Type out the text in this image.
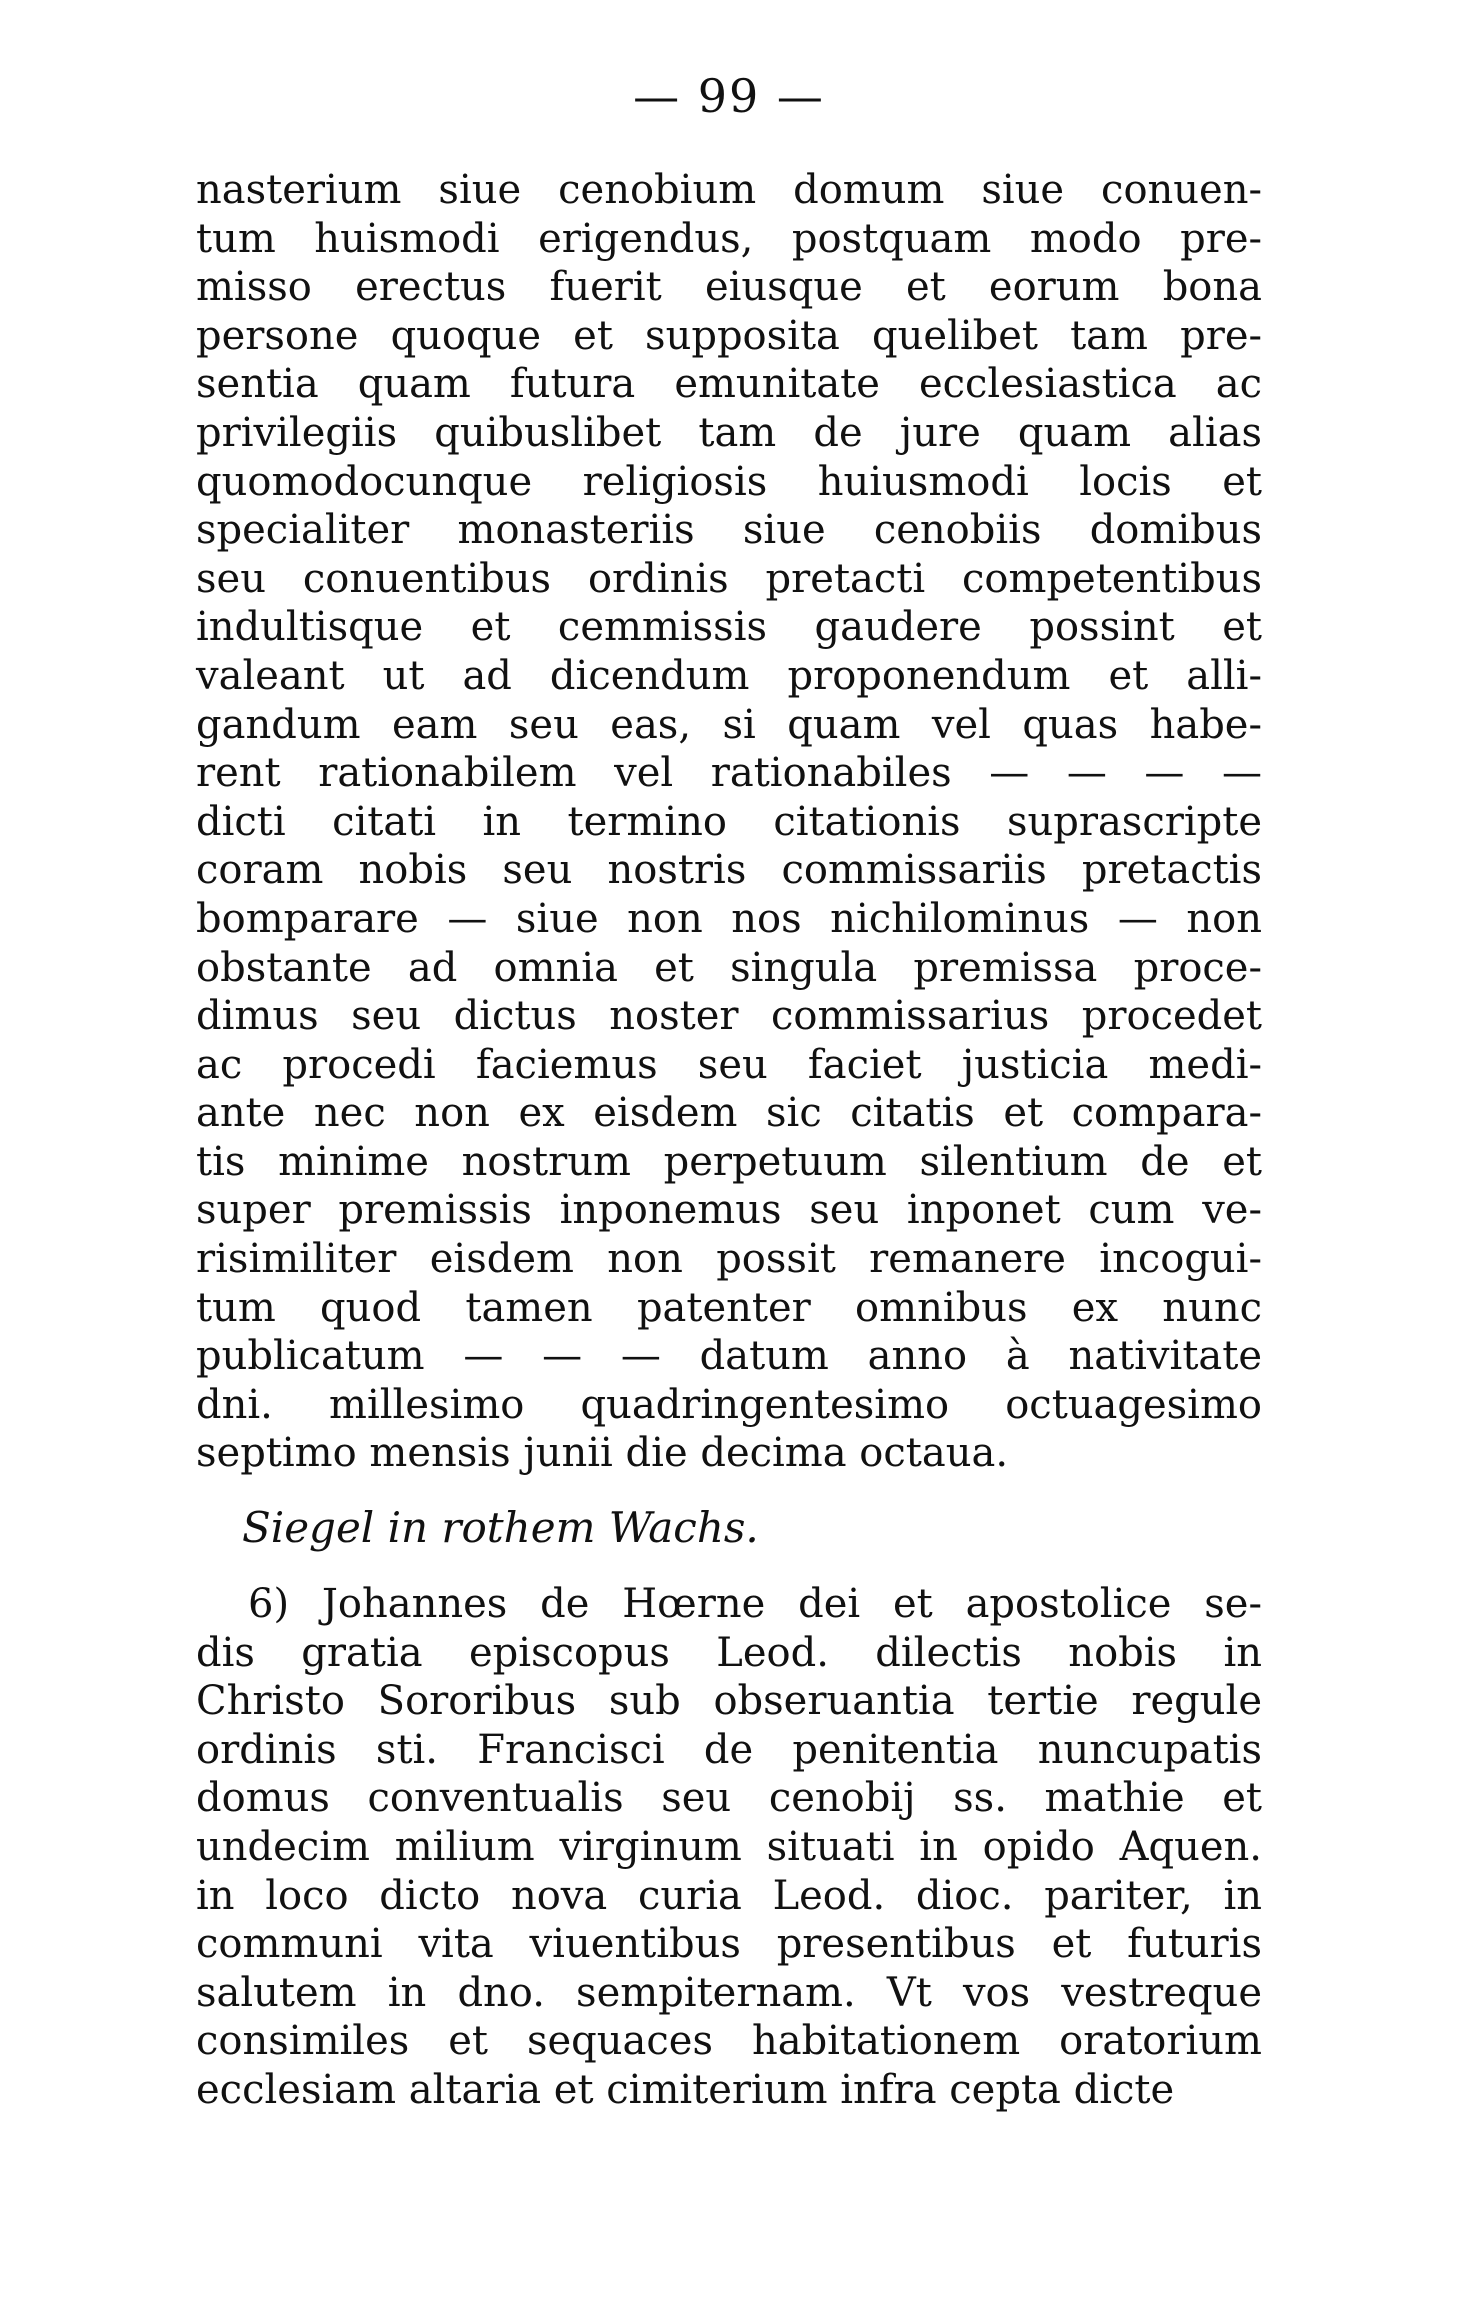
— 99 —
nasterium siue cenobium domum siue conuen-
tum huismodi erigendus, postquam modo pre-
misso erectus fuerit eiusque et eorum bona
persone quoque et supposita quelibet tam pre-
sentia quam futura emunitate ecclesiastica ac
privilegiis quibuslibet tam de jure quam alias
quomodocunque religiosis huiusmodi locis et
specialiter monasteriis siue cenobiis domibus
seu conuentibus ordinis pretacti competentibus
indultisque et cemmissis gaudere possint et
valeant ut ad dicendum proponendum et alli-
gandum eam seu eas, si quam vel quas habe-
rent rationabilem vel rationabiles — — — —
dicti citati in termino citationis suprascripte
coram nobis seu nostris commissariis pretactis
bomparare — siue non nos nichilominus — non
obstante ad omnia et singula premissa proce-
dimus seu dictus noster commissarius procedet
ac procedi faciemus seu faciet justicia medi-
ante nec non ex eisdem sic citatis et compara-
tis minime nostrum perpetuum silentium de et
super premissis inponemus seu inponet cum ve-
risimiliter eisdem non possit remanere incogui-
tum quod tamen patenter omnibus ex nunc
publicatum — — — datum anno à nativitate
dni. millesimo quadringentesimo octuagesimo
septimo mensis junii die decima octaua.
Siegel in rothem Wachs.
6) Johannes de Hœrne dei et apostolice se-
dis gratia episcopus Leod. dilectis nobis in
Christo Sororibus sub obseruantia tertie regule
ordinis sti. Francisci de penitentia nuncupatis
domus conventualis seu cenobij ss. mathie et
undecim milium virginum situati in opido Aquen.
in loco dicto nova curia Leod. dioc. pariter, in
communi vita viuentibus presentibus et futuris
salutem in dno. sempiternam. Vt vos vestreque
consimiles et sequaces habitationem oratorium
ecclesiam altaria et cimiterium infra cepta dicte
